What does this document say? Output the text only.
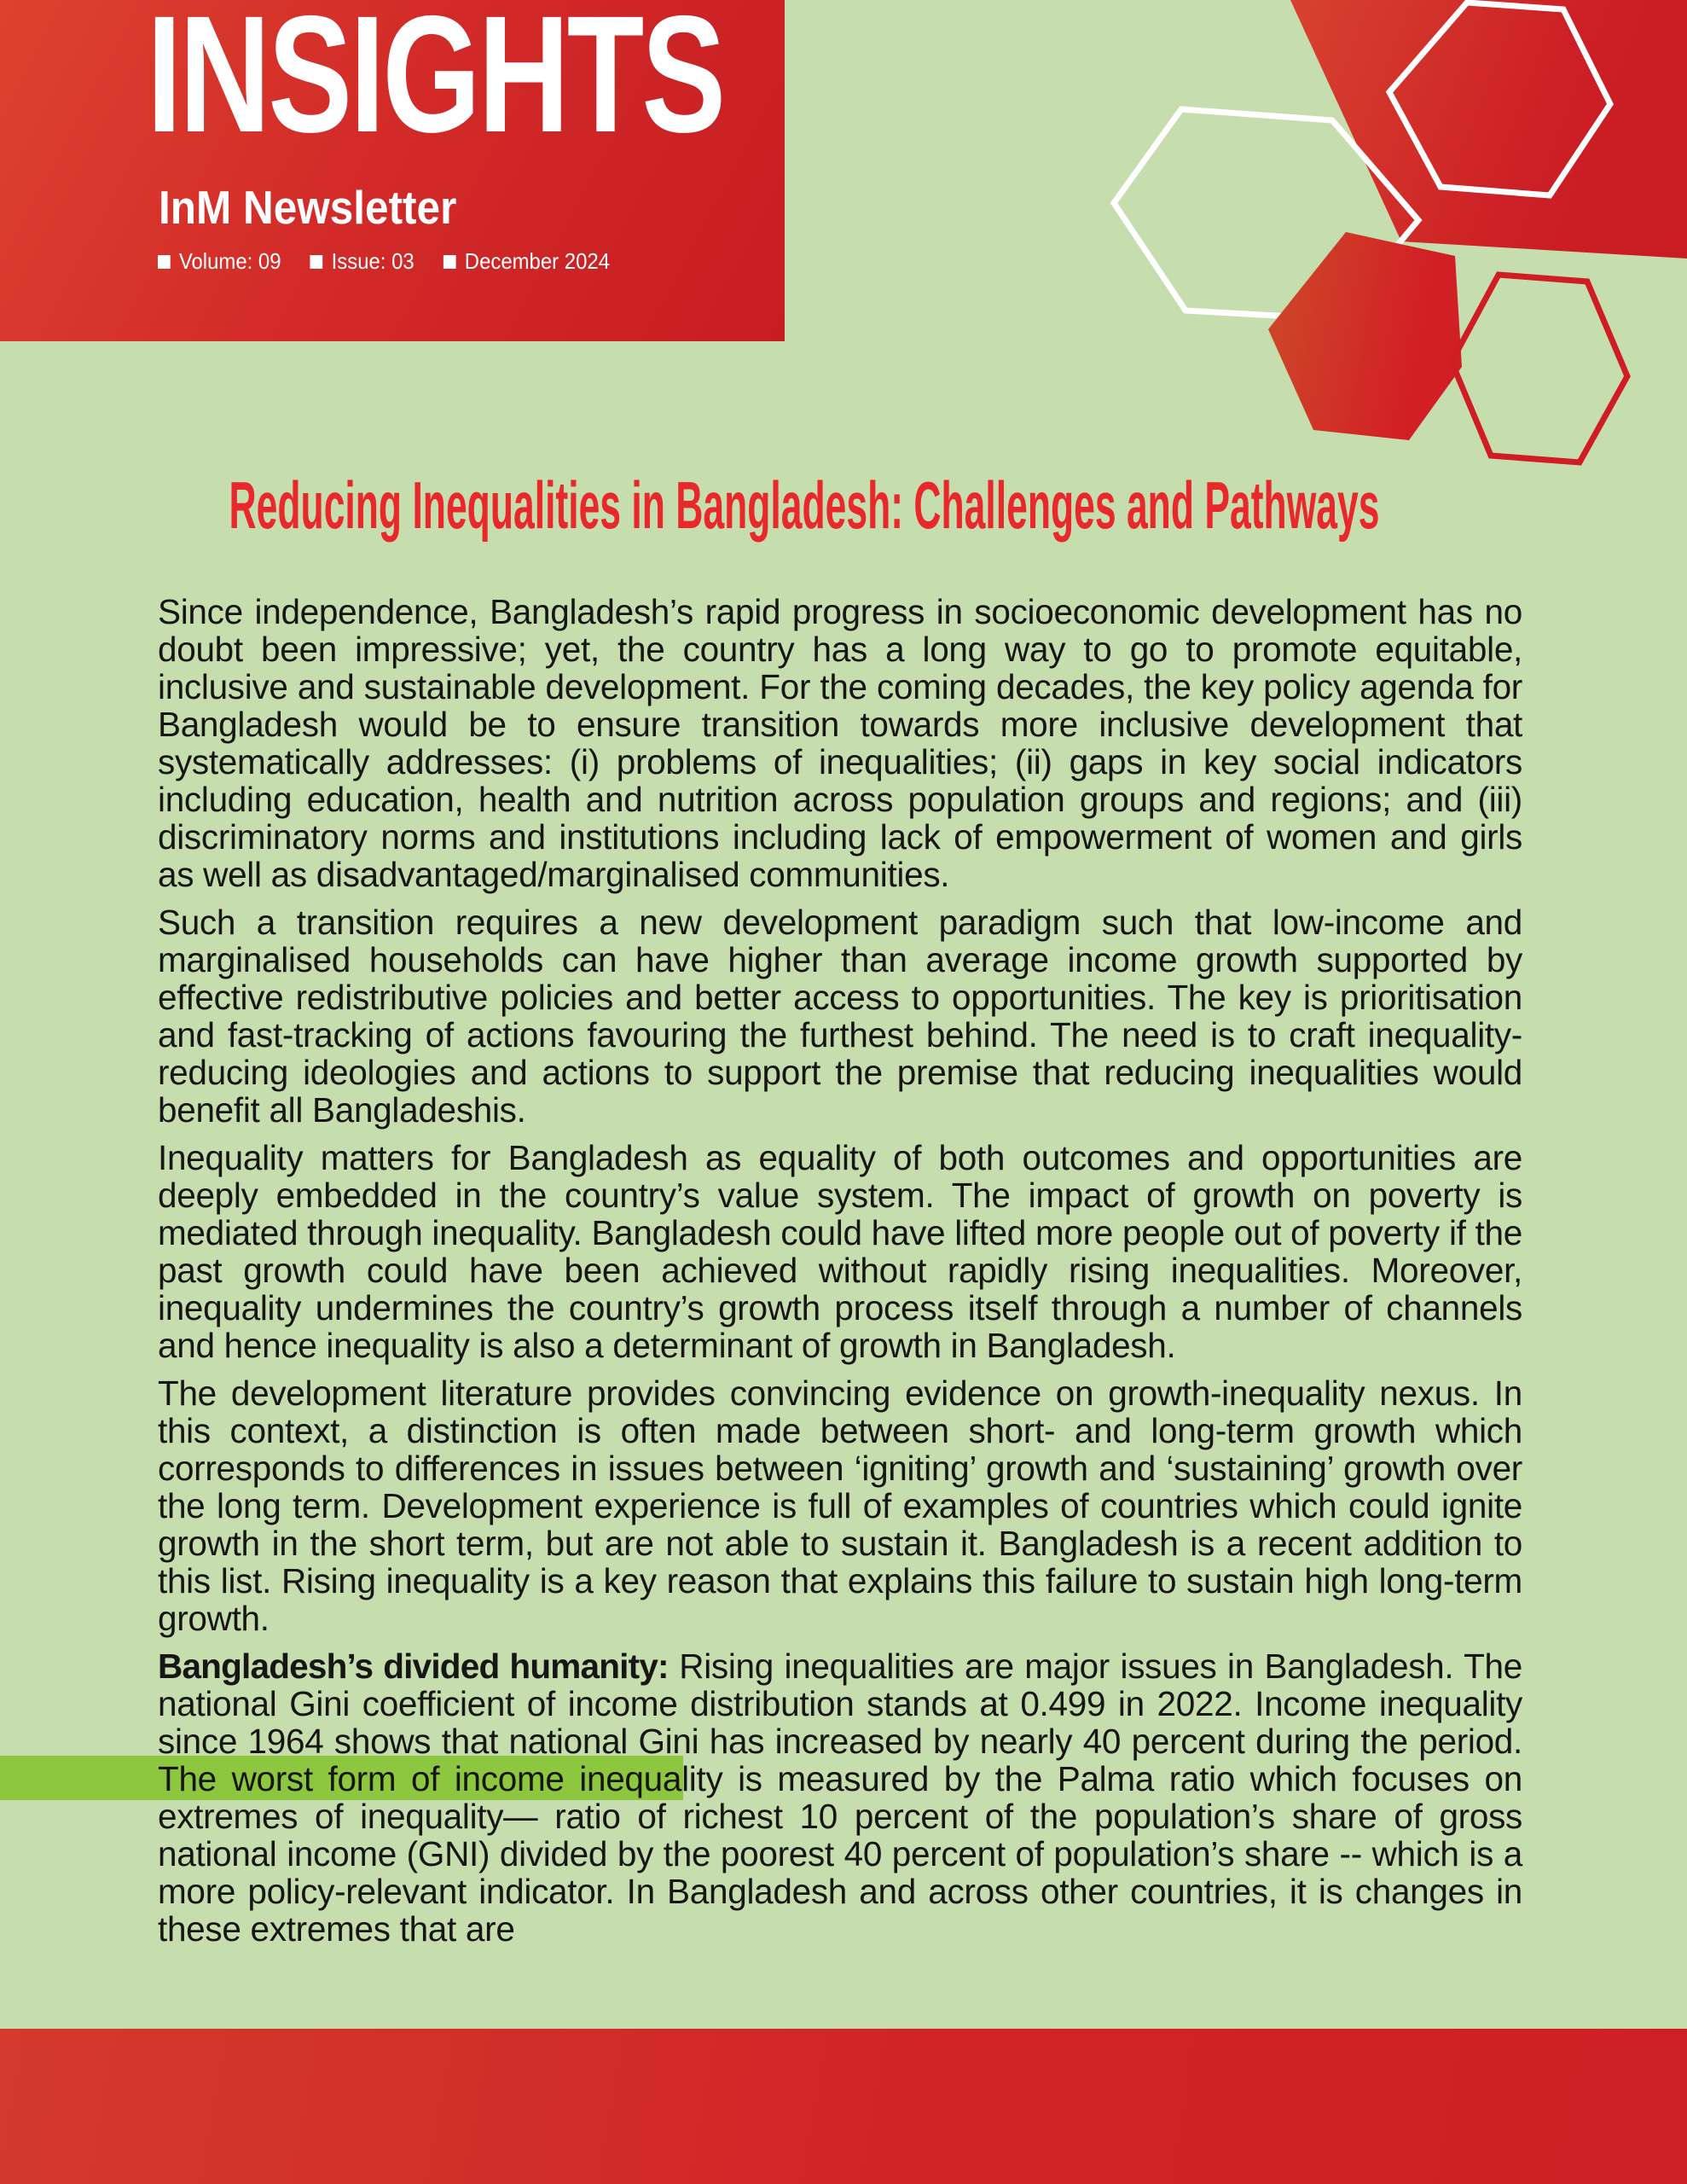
INSIGHTS
InM Newsletter
Volume: 09 Issue: 03 December 2024
Reducing Inequalities in Bangladesh: Challenges and Pathways

Since independence, Bangladesh’s rapid progress in socioeconomic development has no doubt been impressive; yet, the country has a long way to go to promote equitable, inclusive and sustainable development. For the coming decades, the key policy agenda for Bangladesh would be to ensure transition towards more inclusive development that systematically addresses: (i) problems of inequalities; (ii) gaps in key social indicators including education, health and nutrition across population groups and regions; and (iii) discriminatory norms and institutions including lack of empowerment of women and girls as well as disadvantaged/marginalised communities.

Such a transition requires a new development paradigm such that low-income and marginalised households can have higher than average income growth supported by effective redistributive policies and better access to opportunities. The key is prioritisation and fast-tracking of actions favouring the furthest behind. The need is to craft inequality-reducing ideologies and actions to support the premise that reducing inequalities would benefit all Bangladeshis.

Inequality matters for Bangladesh as equality of both outcomes and opportunities are deeply embedded in the country’s value system. The impact of growth on poverty is mediated through inequality. Bangladesh could have lifted more people out of poverty if the past growth could have been achieved without rapidly rising inequalities. Moreover, inequality undermines the country’s growth process itself through a number of channels and hence inequality is also a determinant of growth in Bangladesh.

The development literature provides convincing evidence on growth-inequality nexus. In this context, a distinction is often made between short- and long-term growth which corresponds to differences in issues between ‘igniting’ growth and ‘sustaining’ growth over the long term. Development experience is full of examples of countries which could ignite growth in the short term, but are not able to sustain it. Bangladesh is a recent addition to this list. Rising inequality is a key reason that explains this failure to sustain high long-term growth.

Bangladesh’s divided humanity: Rising inequalities are major issues in Bangladesh. The national Gini coefficient of income distribution stands at 0.499 in 2022. Income inequality since 1964 shows that national Gini has increased by nearly 40 percent during the period. The worst form of income inequality is measured by the Palma ratio which focuses on extremes of inequality— ratio of richest 10 percent of the population’s share of gross national income (GNI) divided by the poorest 40 percent of population’s share -- which is a more policy-relevant indicator. In Bangladesh and across other countries, it is changes in these extremes that are
